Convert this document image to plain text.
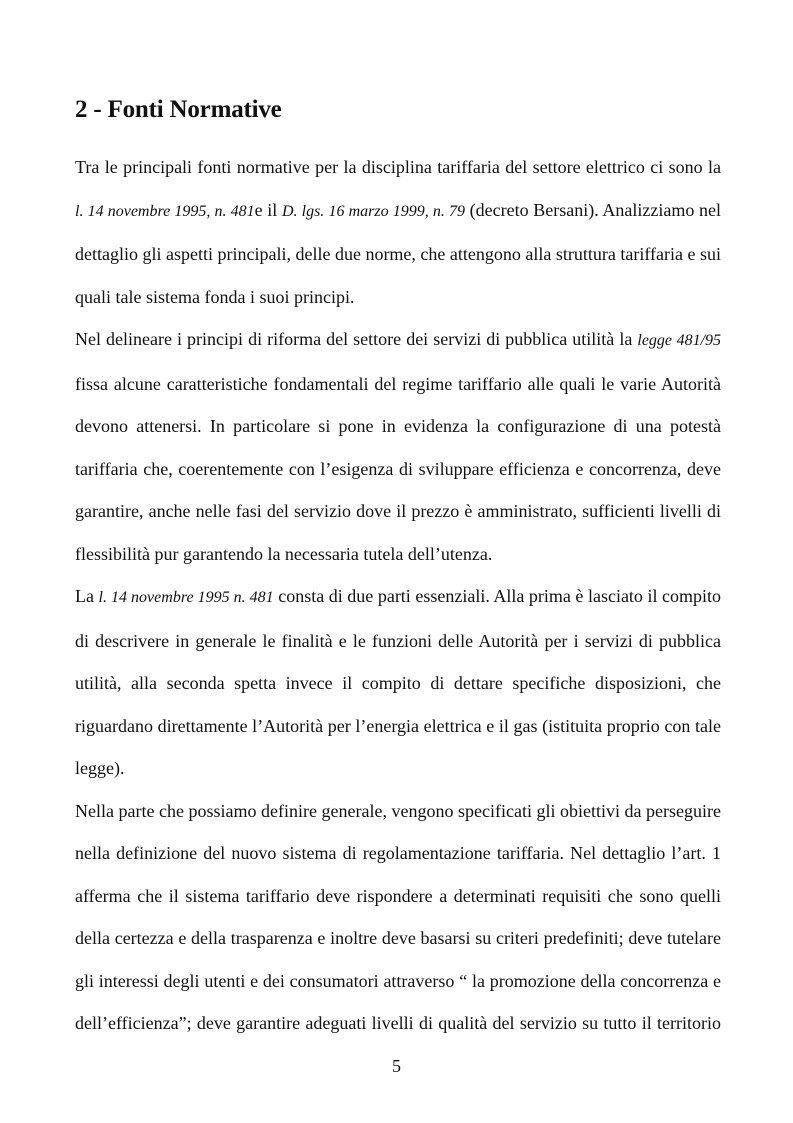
2 - Fonti Normative

Tra le principali fonti normative per la disciplina tariffaria del settore elettrico ci sono la l. 14 novembre 1995, n. 481e il D. lgs. 16 marzo 1999, n. 79 (decreto Bersani). Analizziamo nel dettaglio gli aspetti principali, delle due norme, che attengono alla struttura tariffaria e sui quali tale sistema fonda i suoi principi.

Nel delineare i principi di riforma del settore dei servizi di pubblica utilità la legge 481/95 fissa alcune caratteristiche fondamentali del regime tariffario alle quali le varie Autorità devono attenersi. In particolare si pone in evidenza la configurazione di una potestà tariffaria che, coerentemente con l’esigenza di sviluppare efficienza e concorrenza, deve garantire, anche nelle fasi del servizio dove il prezzo è amministrato, sufficienti livelli di flessibilità pur garantendo la necessaria tutela dell’utenza.

La l. 14 novembre 1995 n. 481 consta di due parti essenziali. Alla prima è lasciato il compito di descrivere in generale le finalità e le funzioni delle Autorità per i servizi di pubblica utilità, alla seconda spetta invece il compito di dettare specifiche disposizioni, che riguardano direttamente l’Autorità per l’energia elettrica e il gas (istituita proprio con tale legge).

Nella parte che possiamo definire generale, vengono specificati gli obiettivi da perseguire nella definizione del nuovo sistema di regolamentazione tariffaria. Nel dettaglio l’art. 1 afferma che il sistema tariffario deve rispondere a determinati requisiti che sono quelli della certezza e della trasparenza e inoltre deve basarsi su criteri predefiniti; deve tutelare gli interessi degli utenti e dei consumatori attraverso “ la promozione della concorrenza e dell’efficienza”; deve garantire adeguati livelli di qualità del servizio su tutto il territorio

5
